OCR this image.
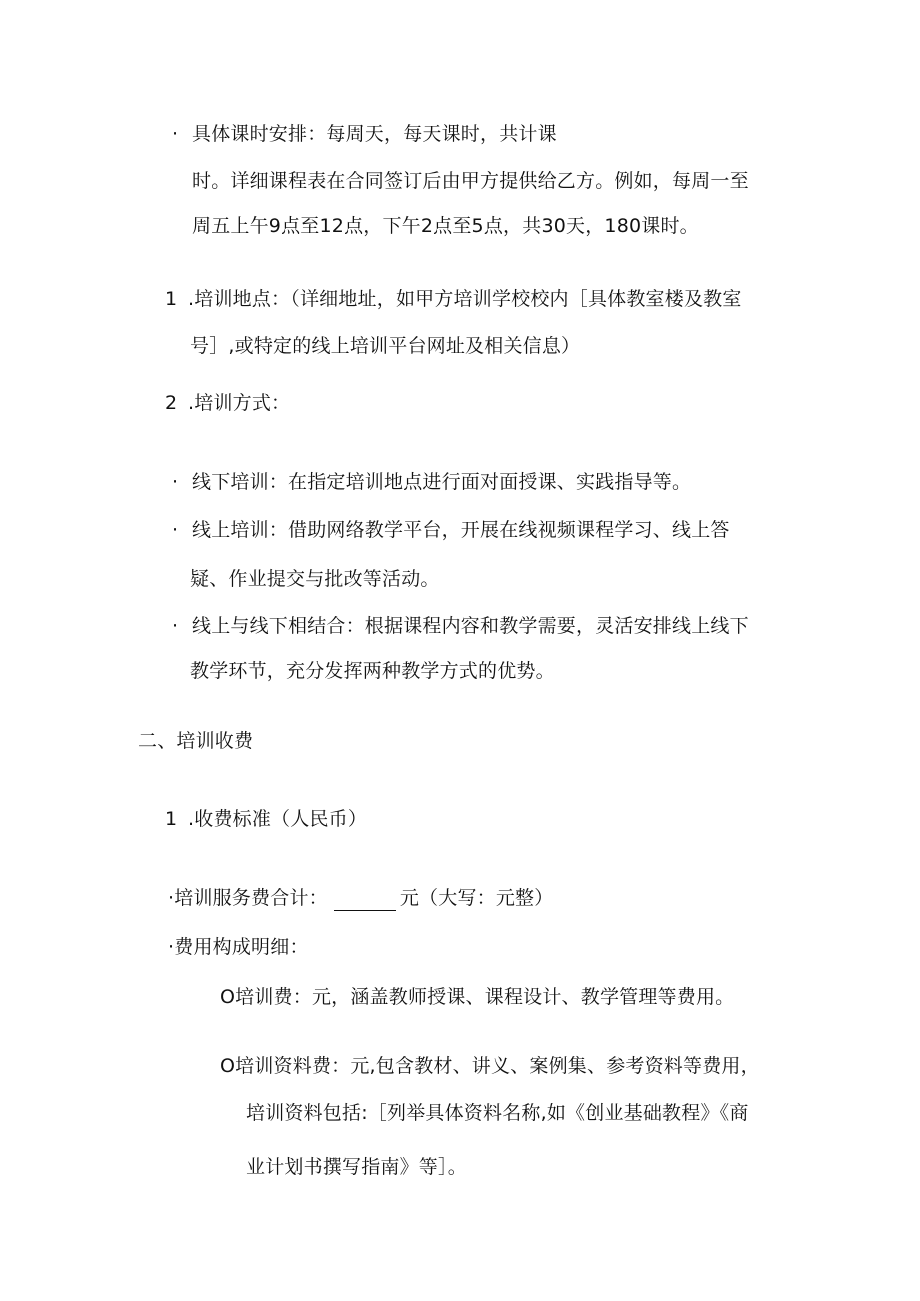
· 具体课时安排：每周天，每天课时，共计课
时。详细课程表在合同签订后由甲方提供给乙方。例如，每周一至
周五上午9点至12点，下午2点至5点，共30天，180课时。
1 .培训地点：（详细地址，如甲方培训学校校内［具体教室楼及教室
号］,或特定的线上培训平台网址及相关信息）
2 .培训方式：
· 线下培训：在指定培训地点进行面对面授课、实践指导等。
· 线上培训：借助网络教学平台，开展在线视频课程学习、线上答
疑、作业提交与批改等活动。
· 线上与线下相结合：根据课程内容和教学需要，灵活安排线上线下
教学环节，充分发挥两种教学方式的优势。
二、培训收费
1 .收费标准（人民币）
·培训服务费合计：	元（大写：元整）
·费用构成明细：
O培训费：元，涵盖教师授课、课程设计、教学管理等费用。
O培训资料费：元,包含教材、讲义、案例集、参考资料等费用，
培训资料包括:［列举具体资料名称,如《创业基础教程》《商
业计划书撰写指南》等］。
